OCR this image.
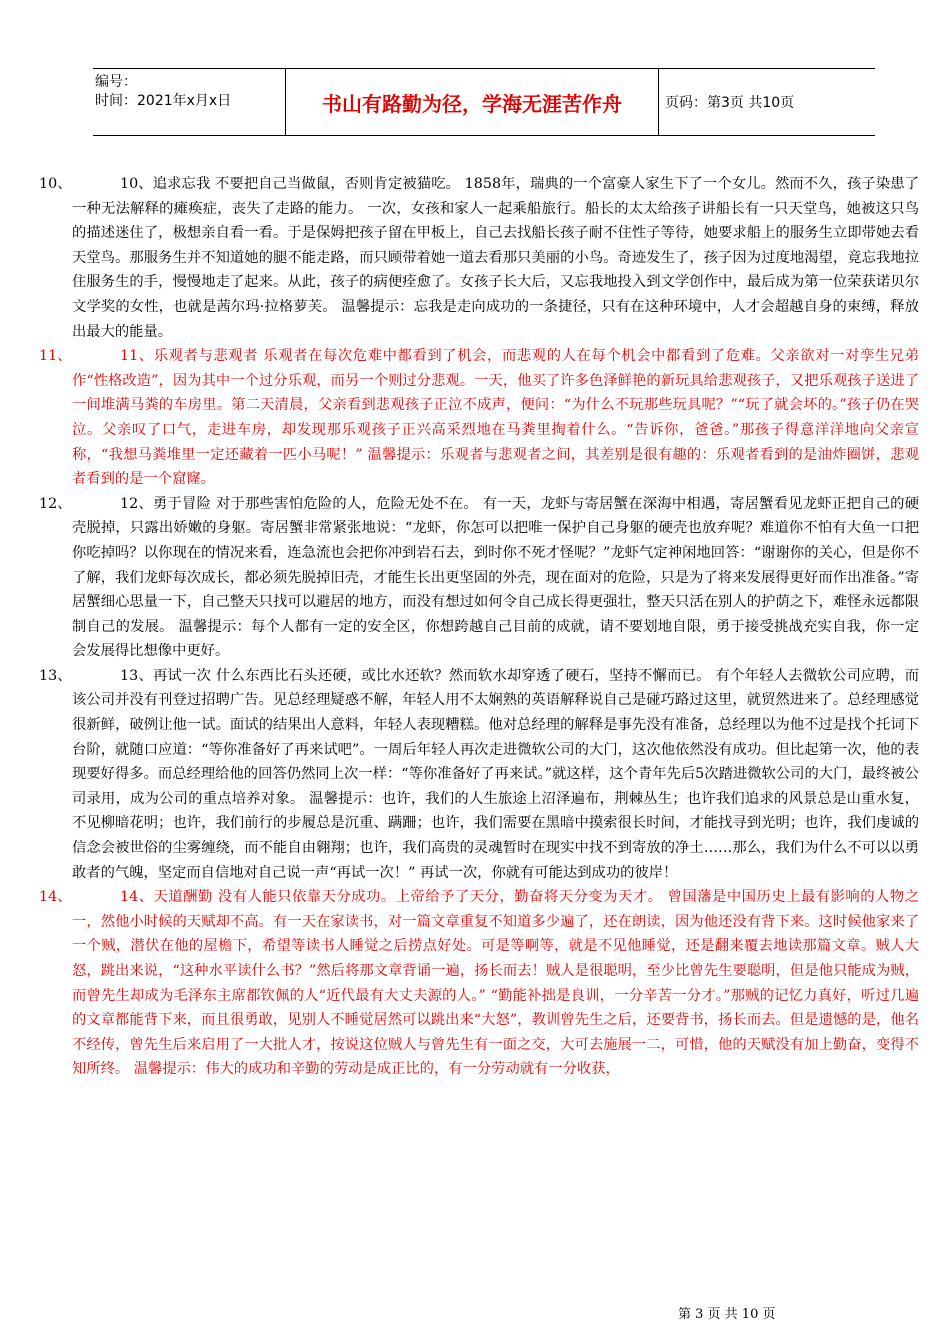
编号：
时间：2021年x月x日	书山有路勤为径，学海无涯苦作舟	页码：第3页 共10页
10、	10、追求忘我 不要把自己当做鼠，否则肯定被猫吃。 1858年，瑞典的一个富豪人家生下了一个女儿。然而不久，孩子染患了一种无法解释的瘫痪症，丧失了走路的能力。 一次，女孩和家人一起乘船旅行。船长的太太给孩子讲船长有一只天堂鸟，她被这只鸟的描述迷住了，极想亲自看一看。于是保姆把孩子留在甲板上，自己去找船长孩子耐不住性子等待，她要求船上的服务生立即带她去看天堂鸟。那服务生并不知道她的腿不能走路，而只顾带着她一道去看那只美丽的小鸟。奇迹发生了，孩子因为过度地渴望，竟忘我地拉住服务生的手，慢慢地走了起来。从此，孩子的病便痊愈了。女孩子长大后，又忘我地投入到文学创作中，最后成为第一位荣获诺贝尔文学奖的女性，也就是茜尔玛·拉格萝芙。 温馨提示：忘我是走向成功的一条捷径，只有在这种环境中，人才会超越自身的束缚，释放出最大的能量。
11、	11、乐观者与悲观者 乐观者在每次危难中都看到了机会，而悲观的人在每个机会中都看到了危难。父亲欲对一对孪生兄弟作“性格改造”，因为其中一个过分乐观，而另一个则过分悲观。一天，他买了许多色泽鲜艳的新玩具给悲观孩子，又把乐观孩子送进了一间堆满马粪的车房里。第二天清晨，父亲看到悲观孩子正泣不成声，便问：“为什么不玩那些玩具呢？”“玩了就会坏的。”孩子仍在哭泣。父亲叹了口气，走进车房，却发现那乐观孩子正兴高采烈地在马粪里掏着什么。“告诉你，爸爸。”那孩子得意洋洋地向父亲宣称，“我想马粪堆里一定还藏着一匹小马呢！” 温馨提示：乐观者与悲观者之间，其差别是很有趣的：乐观者看到的是油炸圈饼，悲观者看到的是一个窟窿。
12、	12、勇于冒险 对于那些害怕危险的人，危险无处不在。 有一天，龙虾与寄居蟹在深海中相遇，寄居蟹看见龙虾正把自己的硬壳脱掉，只露出娇嫩的身躯。寄居蟹非常紧张地说：“龙虾，你怎可以把唯一保护自己身躯的硬壳也放弃呢？难道你不怕有大鱼一口把你吃掉吗？以你现在的情况来看，连急流也会把你冲到岩石去，到时你不死才怪呢？”龙虾气定神闲地回答：“谢谢你的关心，但是你不了解，我们龙虾每次成长，都必须先脱掉旧壳，才能生长出更坚固的外壳，现在面对的危险，只是为了将来发展得更好而作出准备。”寄居蟹细心思量一下，自己整天只找可以避居的地方，而没有想过如何令自己成长得更强壮，整天只活在别人的护荫之下，难怪永远都限制自己的发展。 温馨提示：每个人都有一定的安全区，你想跨越自己目前的成就，请不要划地自限，勇于接受挑战充实自我，你一定会发展得比想像中更好。
13、	13、再试一次 什么东西比石头还硬，或比水还软？然而软水却穿透了硬石，坚持不懈而已。 有个年轻人去微软公司应聘，而该公司并没有刊登过招聘广告。见总经理疑惑不解，年轻人用不太娴熟的英语解释说自己是碰巧路过这里，就贸然进来了。总经理感觉很新鲜，破例让他一试。面试的结果出人意料，年轻人表现糟糕。他对总经理的解释是事先没有准备，总经理以为他不过是找个托词下台阶，就随口应道：“等你准备好了再来试吧”。一周后年轻人再次走进微软公司的大门，这次他依然没有成功。但比起第一次，他的表现要好得多。而总经理给他的回答仍然同上次一样：“等你准备好了再来试。”就这样，这个青年先后5次踏进微软公司的大门，最终被公司录用，成为公司的重点培养对象。 温馨提示：也许，我们的人生旅途上沼泽遍布，荆棘丛生；也许我们追求的风景总是山重水复，不见柳暗花明；也许，我们前行的步履总是沉重、蹒跚；也许，我们需要在黑暗中摸索很长时间，才能找寻到光明；也许，我们虔诚的信念会被世俗的尘雾缠绕，而不能自由翱翔；也许，我们高贵的灵魂暂时在现实中找不到寄放的净土……那么，我们为什么不可以以勇敢者的气魄，坚定而自信地对自己说一声“再试一次！” 再试一次，你就有可能达到成功的彼岸！
14、	14、天道酬勤 没有人能只依靠天分成功。上帝给予了天分，勤奋将天分变为天才。 曾国藩是中国历史上最有影响的人物之一，然他小时候的天赋却不高。有一天在家读书，对一篇文章重复不知道多少遍了，还在朗读，因为他还没有背下来。这时候他家来了一个贼，潜伏在他的屋檐下，希望等读书人睡觉之后捞点好处。可是等啊等，就是不见他睡觉，还是翻来覆去地读那篇文章。贼人大怒，跳出来说，“这种水平读什么书？”然后将那文章背诵一遍，扬长而去！贼人是很聪明，至少比曾先生要聪明，但是他只能成为贼，而曾先生却成为毛泽东主席都钦佩的人“近代最有大丈夫源的人。” “勤能补拙是良训，一分辛苦一分才。”那贼的记忆力真好，听过几遍的文章都能背下来，而且很勇敢，见别人不睡觉居然可以跳出来“大怒”，教训曾先生之后，还要背书，扬长而去。但是遗憾的是，他名不经传，曾先生后来启用了一大批人才，按说这位贼人与曾先生有一面之交，大可去施展一二，可惜，他的天赋没有加上勤奋，变得不知所终。 温馨提示：伟大的成功和辛勤的劳动是成正比的，有一分劳动就有一分收获，
第 3 页 共 10 页
